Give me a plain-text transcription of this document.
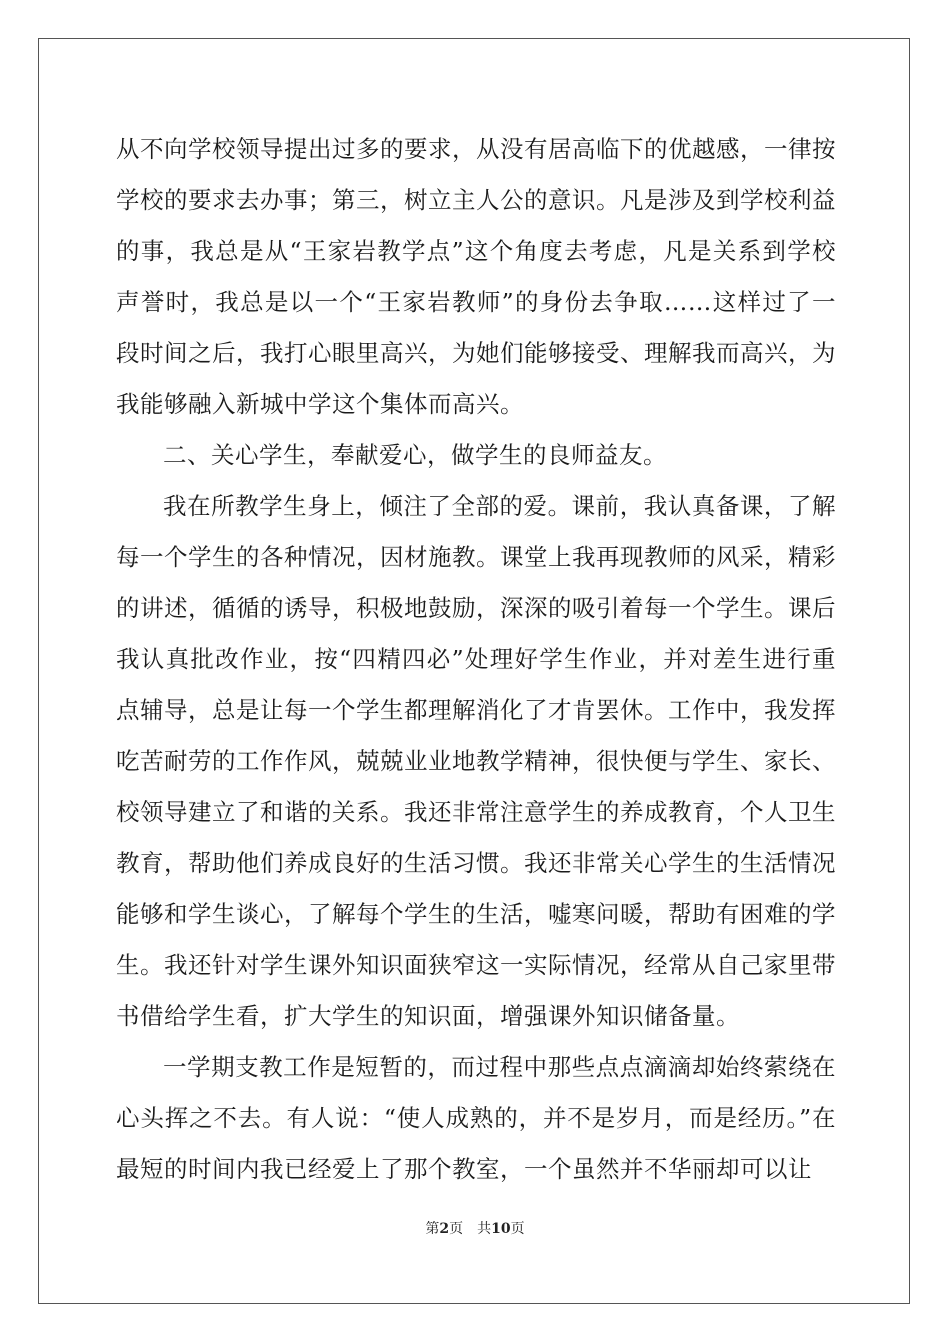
从不向学校领导提出过多的要求，从没有居高临下的优越感，一律按学校的要求去办事；第三，树立主人公的意识。凡是涉及到学校利益的事，我总是从“王家岩教学点”这个角度去考虑，凡是关系到学校声誉时，我总是以一个“王家岩教师”的身份去争取……这样过了一段时间之后，我打心眼里高兴，为她们能够接受、理解我而高兴，为我能够融入新城中学这个集体而高兴。

二、关心学生，奉献爱心，做学生的良师益友。

我在所教学生身上，倾注了全部的爱。课前，我认真备课，了解每一个学生的各种情况，因材施教。课堂上我再现教师的风采，精彩的讲述，循循的诱导，积极地鼓励，深深的吸引着每一个学生。课后我认真批改作业，按“四精四必”处理好学生作业，并对差生进行重点辅导，总是让每一个学生都理解消化了才肯罢休。工作中，我发挥吃苦耐劳的工作作风，兢兢业业地教学精神，很快便与学生、家长、校领导建立了和谐的关系。我还非常注意学生的养成教育，个人卫生教育，帮助他们养成良好的生活习惯。我还非常关心学生的生活情况能够和学生谈心，了解每个学生的生活，嘘寒问暖，帮助有困难的学生。我还针对学生课外知识面狭窄这一实际情况，经常从自己家里带书借给学生看，扩大学生的知识面，增强课外知识储备量。

一学期支教工作是短暂的，而过程中那些点点滴滴却始终萦绕在心头挥之不去。有人说：“使人成熟的，并不是岁月，而是经历。”在最短的时间内我已经爱上了那个教室，一个虽然并不华丽却可以让

第2页　共10页
